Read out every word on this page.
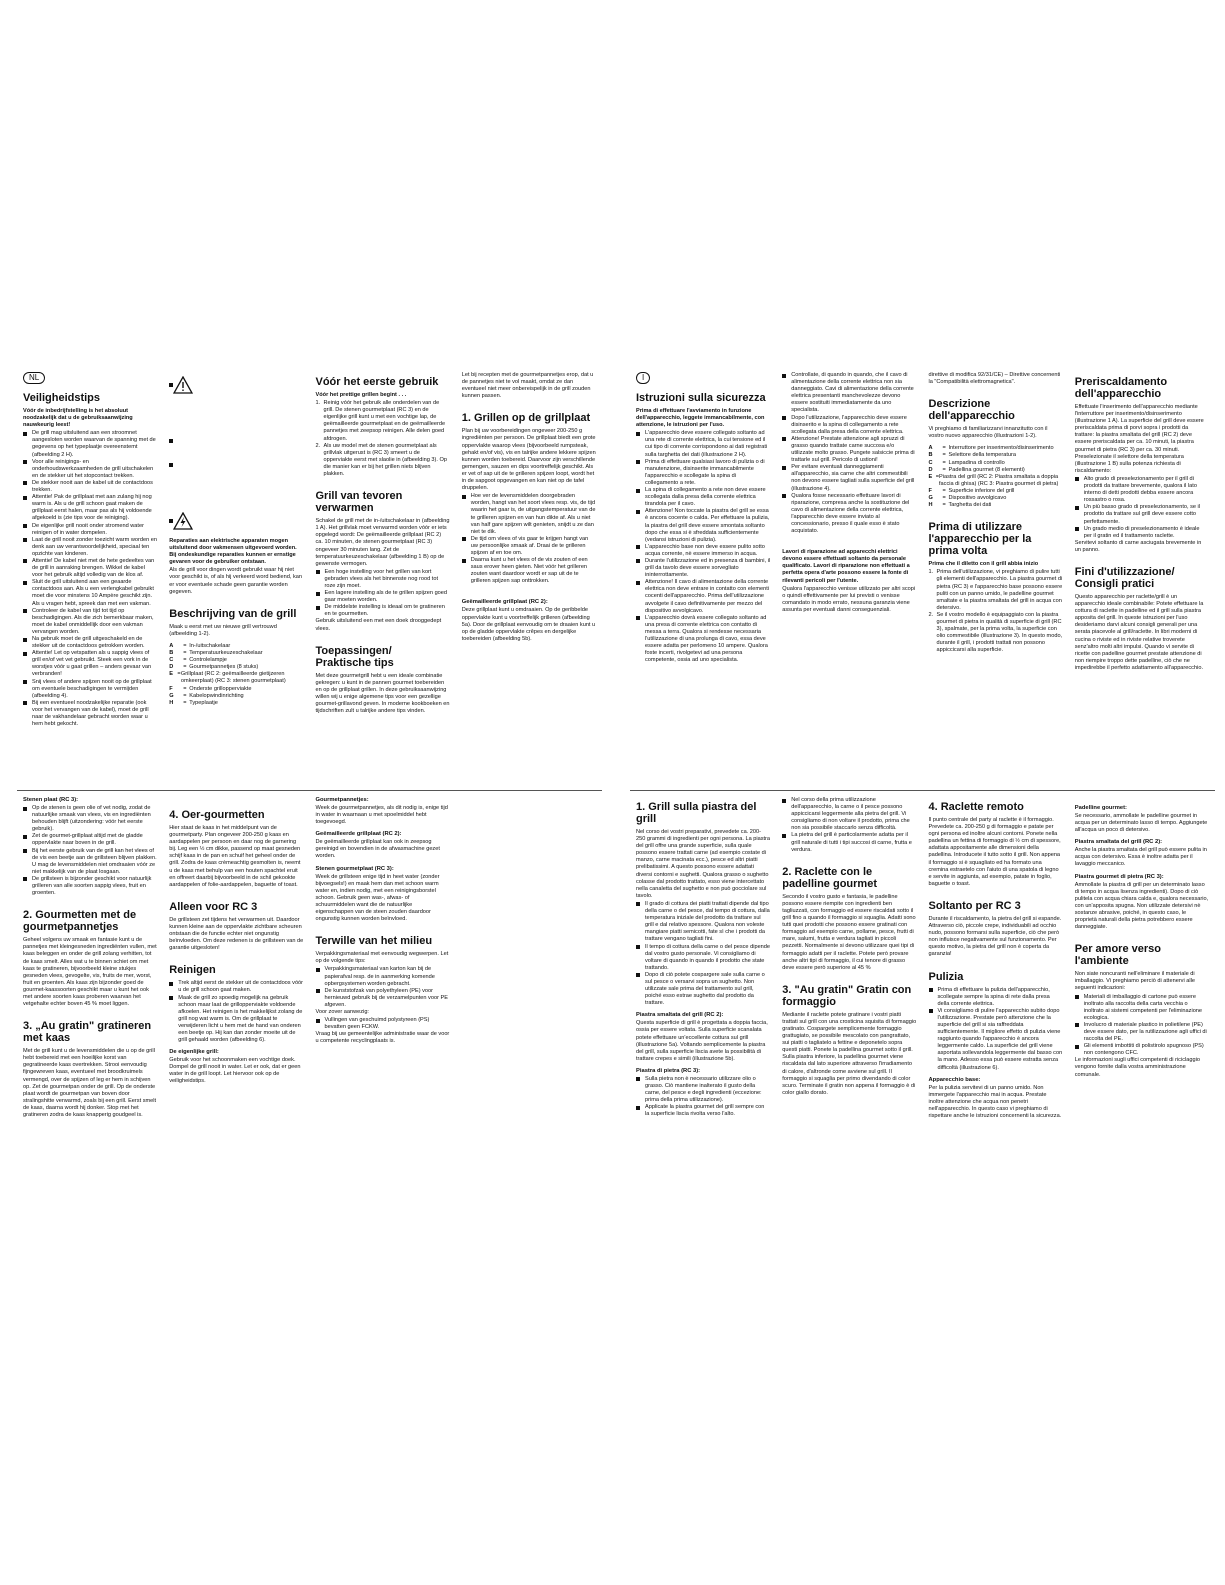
NL
Veiligheidstips

Vóór de inbedrijfstelling is het absoluut noodzakelijk dat u de gebruiksaanwijzing nauwkeurig leest!

De grill mag uitsluitend aan een stroomnet aangesloten worden waarvan de spanning met de gegevens op het typeplaatje overeenstemt (afbeelding 2 H).
Voor alle reinigings- en onderhoudswerkzaamheden de grill uitschakelen en de stekker uit het stopcontact trekken.
De stekker nooit aan de kabel uit de contactdoos trekken.
Attentie! Pak de grillplaat met aan zulang hij nog warm is. Als u de grill schoon gaat maken de grillplaat eerst halen, maar pas als hij voldoende afgekoeld is (zie tips voor de reiniging).
De eigenlijke grill nooit onder stromend water reinigen of in water dompelen.
Laat de grill nooit zonder toezicht warm worden en denk aan uw verantwoordelijkheid, speciaal ten opzichte van kinderen.
Attentie! De kabel niet met de hete gedeeltes van de grill in aanraking brengen. Wikkel de kabel voor het gebruik altijd volledig van de klos af.
Sluit de grill uitsluitend aan een geaarde contactdoos aan. Als u een verlengkabel gebruikt moet die voor minstens 10 Ampère geschikt zijn. Als u vragen hebt, spreek dan met een vakman.
Controleer de kabel van tijd tot tijd op beschadigingen. Als die zich bemerkbaar maken, moet de kabel onmiddellijk door een vakman vervangen worden.
Na gebruik moet de grill uitgeschakeld en de stekker uit de contactdoos getrokken worden.
Attentie! Let op vetspatten als u sappig vlees of grill en/of vet vet gebruikt. Steek een vork in de worstjes vóór u gaat grillen – anders gevaar van verbranden!
Snij vlees of andere spijzen nooit op de grillplaat om eventuele beschadigingen te vermijden (afbeelding 4).
Bij een eventueel noodzakelijke reparatie (ook voor het vervangen van de kabel), moet de grill naar de vakhandelaar gebracht worden waar u hem hebt gekocht.

Reparaties aan elektrische apparaten mogen uitsluitend door vakmensen uitgevoerd worden. Bij ondeskundige reparaties kunnen er ernstige gevaren voor de gebruiker ontstaan.

Als de grill voor dingen wordt gebruikt waar hij niet voor geschikt is, of als hij verkeerd word bediend, kan er voor eventuele schade geen garantie worden gegeven.

Beschrijving van de grill

Maak u eerst met uw nieuwe grill vertrouwd (afbeelding 1-2).

A	= In-/uitschakelaar
B	= Temperatuurkeuzeschakelaar
C	= Controlelampje
D	= Gourmetpannetjes (8 stuks)
E = Grillplaat (RC 2: geëmailleerde gietijzeren omkeerplaat) (RC 3: stenen gourmetplaat)
F	= Onderste grillopperviakte
G	= Kabelopwindinrichting
H	= Typeplaatje
Vóór het eerste gebruik

Vóór het prettige grillen begint . . .

1. Reinig vóór het gebruik alle onderdelen van de grill. De stenen gourmetplaat (RC 3) en de eigenlijke grill kunt u met een vochtige lap, de geëmailleerde gourmetplaat en de geëmailleerde pannetjes met zeepsop reinigen. Alle delen goed afdrogen.
2. Als uw model met de stenen gourmetplaat als grillvlak uitgerust is (RC 3) smeert u de opperviakte eerst met slaolie in (afbeelding 3). Op die manier kan er bij het grillen niets blijven plakken.
Grill van tevoren verwarmen

Schakel de grill met de in-/uitschakelaar in (afbeelding 1 A). Het grillvlak moet verwarmd worden vóór er iets opgelegd wordt: De geëmailleerde grillplaat (RC 2) ca. 10 minuten, de stenen gourmetplaat (RC 3) ongeveer 30 minuten lang. Zet de temperatuurkeuzeschakelaar (afbeelding 1 B) op de gewenste vermogen.

Een hoge instelling voor het grillen van kort gebraden vlees als het binnenste nog rood tot roze zijn moet.
Een lagere instelling als de te grillen spijzen goed gaar moeten worden.
De middelste instelling is ideaal om te gratineren en te gourmetten.

Gebruik uitsluitend een met een doek drooggedept vlees.

Toepassingen/ Praktische tips

Met deze gourmetgrill hebt u een ideale combinatie gekregen: u kunt in de pannen gourmet toebereiden en op de grillplaat grillen. In deze gebruiksaanwijzing willen wij u enige algemene tips voor een gezellige gourmet-grillavond geven. In moderne kookboeken en tijdschriften zult u talrijke andere tips vinden.

Let bij recepten met de gourmetpannetjes erop, dat u de pannetjes niet te vol maakt, omdat ze dan eventueel niet meer onbereispelijk in de grill zouden kunnen passen.

1. Grillen op de grillplaat

Plan bij uw voorbereidingen ongeveer 200-250 g ingrediënten per persoon. De grillplaat biedt een grote oppervlakte waarop vlees (bijvoorbeeld rumpsteak, gehakt en/of vis), vis en talrijke andere lekkere spijzen kunnen worden toebereid. Daarvoor zijn verschillende gemengen, sauzen en dips voortreffelijk geschikt. Als er vet of sap uit de te grilleren spijzen loopt, wordt het in de sapgoot opgevangen en kan niet op de tafel druppelen.

Hoe ver de levensmiddelen doorgebraden worden, hangt van het soort vlees resp. vis, de tijd waarin het gaar is, de uitgangstemperatuur van de te grilleren spijzen en van hun dikte af. Als u niet van half gare spijzen wilt genieten, snijdt u ze dan niet te dik.
De tijd om vlees of vis gaar te krijgen hangt van uw persoonlijke smaak af. Draai de te grilleren spijzen af en toe om.
Daarna kunt u het vlees of de vis zouten of een saus erover heen gieten. Niet vóór het grilleren zouten want daardoor wordt er sap uit de te grilleren spijzen sap onttrokken.
Geëmailleerde grillplaat (RC 2):

Deze grillplaat kunt u omdraaien. Op de geribbelde oppervlakte kunt u voortreffelijk grilleren (afbeelding 5a). Door de grillplaat eenvoudig om te draaien kunt u op de gladde oppervlakte crêpes en dergelijke toebereiden (afbeelding 5b).

Stenen plaat (RC 3):
Op de stenen is geen olie of vet nodig, zodat de natuurlijke smaak van vlees, vis en ingrediënten behouden blijft (uitzondering: vóór het eerste gebruik).
Zet de gourmet-grillplaat altijd met de gladde oppervlakte naar boven in de grill.
Bij het eerste gebruik van de grill kan het vlees of de vis een beetje aan de grillsteen blijven plakken. U mag de levensmiddelen niet omdraaien vóór ze niet makkelijk van de plaat losgaan.
De grillsteen is bijzonder geschikt voor natuurlijk grilleren van alle soorten sappig vlees, fruit en groenten.
2. Gourmetten met de gourmetpannetjes

Geheel volgens uw smaak en fantasie kunt u de pannetjes met kleingesneden ingrediënten vullen, met kaas beleggen en onder de grill zolang verhitten, tot de kaas smelt. Alles wat u te binnen schiet om met kaas te gratineren, bijvoorbeeld kleine stukjes gesneden vlees, gevogelte, vis, fruits de mer, worst, fruit en groenten. Als kaas zijn bijzonder goed de gourmet-kaassoorten geschikt maar u kunt het ook met andere soorten kaas proberen waarvan het vetgehalte echter boven 45 % moet liggen.

3. „Au gratin" gratineren met kaas

Met de grill kunt u de levensmiddelen die u op de grill hebt toebereid met een hoeilijke korst van gegratineerde kaas overtrekken. Strooi eenvoudig fijngewreven kaas, eventueel met broodkruimels vermengd, over de spijzen of leg er hem in schijven op. Zet de gourmetpan onder de grill. Op de onderste plaat wordt de gourmetpan van boven door stralingshitte verwarmd, zoals bij een grill. Eerst smelt de kaas, daarna wordt hij donker. Stop met het gratineren zodra de kaas knapperig goudgeel is.

4. Oer-gourmetten

Hier staat de kaas in het middelpunt van de gourmetparty. Plan ongeveer 200-250 g kaas en aardappelen per persoon en daar nog de garnering bij. Leg een ½ cm dikke, passend op maat gesneden schijf kaas in de pan en schuif het geheel onder de grill. Zodra de kaas crèmeachtig gesmolten is, neemt u de kaas met behulp van een houten spachtel eruit en offreert daarbij bijvoorbeeld in de schil gekookte aardappelen of folie-aardappelen, baguette of toast.

Alleen voor RC 3

De grillsteen zet tijdens het verwarmen uit. Daardoor kunnen kleine aan de oppervlakte zichtbare scheuren ontstaan die de functie echter niet ongunstig beïnvloeden. Om deze redenen is de grillsteen van de garantie uitgesloten!

Reinigen
Trek altijd eerst de stekker uit de contactdoos vóór u de grill schoon gaat maken.
Maak de grill zo spoedig mogelijk na gebruik schoon maar laat de grillopperviakte voldoende afkoelen. Het reinigen is het makkelijkst zolang de grill nog wat warm is. Om de grillplaat te verwijderen licht u hem met de hand van onderen een beetje op. Hij kan dan zonder moeite uit de grill gehaald worden (afbeelding 6).
De eigenlijke grill:

Gebruik voor het schoonmaken een vochtige doek. Dompel de grill nooit in water. Let er ook, dat er geen water in de grill loopt. Let hiervoor ook op de veiligheidstips.

Gourmetpannetjes:

Week de gourmetpannetjes, als dit nodig is, enige tijd in water in waarnaan u met spoelmiddel hebt toegevoegd.

Geëmailleerde grillplaat (RC 2):

De geëmailleerde grillplaat kan ook in zeepsog gereinigd en bovendien in de afwasmachine gezet worden.

Stenen gourmetplaat (RC 3):

Week de grillsteen enige tijd in heet water (zonder bijvoegsels!) en maak hem dan met schoon warm water en, indien nodig, met een reinigingsborstel schoon. Gebruik geen was-, afwas- of schuurmiddelen want die de natuurlijke eigenschappen van de steen zouden daardoor ongunstig kunnen worden beïnvloed.

Terwille van het milieu

Verpakkingsmateriaal met eenvoudig wegwerpen. Let op de volgende tips:

Verpakkingsmateriaal van karton kan bij de papierafval resp. de in aanmerking komende opbergsystemen worden gebracht.
De kunststofzak van polyethyleen (PE) voor hernieuwd gebruik bij de verzamelpunten voor PE afgeven.

Voor zover aanwezig:

Vullingen van geschuimd polystyreen (PS) bevatten geen FCKW.

Vraag bij uw gemeentelijke administratie waar de voor u competente recyclingplaats is.

I
Istruzioni sulla sicurezza

Prima di effettuare l'avviamento in funzione dell'apparecchio, leggete immancabilmente, con attenzione, le istruzioni per l'uso.

L'apparecchio deve essere collegato soltanto ad una rete di corrente elettrica, la cui tensione ed il cui tipo di corrente corrispondono ai dati registrati sulla targhetta dei dati (illustrazione 2 H).
Prima di effettuare qualsiasi lavoro di pulizia o di manutenzione, disinserite immancabilmente l'apparecchio e scollegate la spina di collegamento a rete.
La spina di collegamento a rete non deve essere scollegata dalla presa della corrente elettrica tirandola per il cavo.
Attenzione! Non toccate la piastra del grill se essa è ancora cocente o calda. Per effettuare la pulizia, la piastra del grill deve essere smontata soltanto dopo che essa si è sfreddata sufficientemente (vedansi istruzioni di pulizia).
L'apparecchio base non deve essere pulito sotto acqua corrente, nè essere immerso in acqua.
Durante l'utilizzazione ed in presenza di bambini, il grill da tavolo deve essere sorvegliato ininterrottamente.
Attenzione! Il cavo di alimentazione della corrente elettrica non deve entrare in contatto con elementi cocenti dell'apparecchio. Prima dell'utilizzazione avvolgete il cavo definitivamente per mezzo del dispositivo avvolgicavo.
L'apparecchio dovrà essere collegato soltanto ad una presa di corrente elettrica con contatto di messa a terra. Qualora si rendesse necessaria l'utilizzazione di una prolunga di cavo, essa deve essere adatta per perlomeno 10 ampere. Qualora foste incerti, rivolgetevi ad una persona competente, ossia ad uno specialista.
Controllate, di quando in quando, che il cavo di alimentazione della corrente elettrica non sia danneggiato. Cavi di alimentazione della corrente elettrica presentanti manchevolezze devono essere sostituiti immediatamente da uno specialista.
Dopo l'utilizzazione, l'apparecchio deve essere disinserito e la spina di collegamento a rete scollegata dalla presa della corrente elettrica.
Attenzione! Prestate attenzione agli spruzzi di grasso quando trattate carne succosa e/o utilizzate molto grasso. Pungete salsiccie prima di trattarle sul grill. Pericolo di ustioni!
Per evitare eventuali danneggiamenti all'apparecchio, sia carne che altri commestibili non devono essere tagliati sulla superficie del grill (illustrazione 4).
Qualora fosse necessario effettuare lavori di riparazione, compresa anche la sostituzione del cavo di alimentazione della corrente elettrica, l'apparecchio deve essere inviato al concessionario, presso il quale esso è stato acquistato.

Lavori di riparazione ad apparecchi elettrici devono essere effettuati soltanto da personale qualificato. Lavori di riparazione non effettuati a perfetta opera d'arte possono essere la fonte di rilevanti pericoli per l'utente.

Qualora l'apparecchio venisse utilizzato per altri scopi o quindi effettivamente per lui previsti o venisse comandato in modo errato, nessuna garanzia viene assunta per eventuali danni conseguenziali.

direttive di modifica 92/31/CE) – Direttive concernenti la "Compatibilità elettromagnetica".

Descrizione dell'apparecchio

Vi preghiamo di familiarizzarvi innanzitutto con il vostro nuovo apparecchio (illustrazioni 1-2).

A	= Interruttore per inserimento/disinserimento
B	= Selettore della temperatura
C	= Lampadina di controllo
D	= Padellina gourmet (8 elementi)
E = Piastra del grill (RC 2: Piastra smaltata a doppia faccia di ghisa) (RC 3: Piastra gourmet di pietra)
F	= Superficie inferiore del grill
G	= Dispositivo avvolgicavo
H	= Targhetta dei dati
Prima di utilizzare l'apparecchio per la prima volta

Prima che il diletto con il grill abbia inizio

1. Prima dell'utilizzazione, vi preghiamo di pulire tutti gli elementi dell'apparecchio. La piastra gourmet di pietra (RC 3) e l'apparecchio base possono essere puliti con un panno umido, le padelline gourmet smaltate e la piastra smaltata del grill in acqua con detersivo.
2. Se il vostro modello è equipaggiato con la piastra gourmet di pietra in qualità di superficie di grill (RC 3), spalmate, per la prima volta, la superficie con olio commestibile (illustrazione 3). In questo modo, durante il grill, i prodotti trattati non possono appiccicarsi alla superficie.
Preriscaldamento dell'apparecchio

Effettuate l'inserimento dell'apparecchio mediante l'interruttore per inserimento/disinserimento (illustrazione 1 A). La superficie del grill deve essere preriscaldata prima di porvi sopra i prodotti da trattare: la piastra smaltata del grill (RC 2) deve essere preriscaldata per ca. 10 minuti, la piastra gourmet di pietra (RC 3) per ca. 30 minuti. Preselezionate il selettore della temperatura (illustrazione 1 B) sulla potenza richiesta di riscaldamento:

Alto grado di preselezionamento per il grill di prodotti da trattare brevemente, qualora il lato interno di detti prodotti debba essere ancora rossastro o rosa.
Un più basso grado di preselezionamento, se il prodotto da trattare sul grill deve essere cotto perfettamente.
Un grado medio di preselezionamento è ideale per il gratin ed il trattamento raclette.

Servitevi soltanto di carne asciugata brevemente in un panno.

Fini d'utilizzazione/ Consigli pratici

Questo apparecchio per raclette/grill è un apparecchio ideale combinabile: Potete effettuare la cottura di raclette in padelline ed il grill sulla piastra apposita del grill. In queste istruzioni per l'uso desideriamo darvi alcuni consigli generali per una serata piacevole al grill/raclette. In libri moderni di cucina o riviste ed in riviste relative troverete senz'altro molti altri impulsi. Quando vi servite di ricette con padelline gourmet prestate attenzione di non riempire troppo dette padelline, ciò che ne impedirebbe il perfetto adattamento all'apparecchio.

1. Grill sulla piastra del grill

Nel corso dei vostri preparativi, prevedete ca. 200-250 grammi di ingredienti per ogni persona. La piastra del grill offre una grande superficie, sulla quale possono essere trattati carne (ad esempio costate di manzo, carne macinata ecc.), pesce ed altri piatti prelibatissimi. A questo possono essere adattati diversi contorni e sughetti. Qualora grasso o sughetto colasse dal prodotto trattato, esso viene intercettato nella canaletta del sughetto e non può gocciolare sul tavolo.

Il grado di cottura dei piatti trattati dipende dal tipo della carne o del pesce, dal tempo di cottura, dalla temperatura iniziale del prodotto da trattare sul grill e dal relativo spessore. Qualora non voleste mangiare piatti semicotti, fate sì che i prodotti da trattare vengano tagliati fini.
Il tempo di cottura della carne o del pesce dipende dal vostro gusto personale. Vi consigliamo di voltare di quando in quando il prodotto che state trattando.
Dopo di ciò potete cospargere sale sulla carne o sul pesce o versarvi sopra un sughetto. Non utilizzate sale prima del trattamento sul grill, poiché esso estrae sughetto dal prodotto da trattare.
Piastra smaltata del grill (RC 2):

Questa superficie di grill è progettata a doppia faccia, ossia per essere voltata. Sulla superficie scanalata potete effettuare un'eccellente cottura sul grill (illustrazione 5a). Voltando semplicemente la piastra del grill, sulla superficie liscia avete la possibilità di trattare crepes e simili (illustrazione 5b).

Piastra di pietra (RC 3):
Sulla pietra non è necessario utilizzare olio o grasso. Ciò mantiene inalterato il gusto della carne, del pesce e degli ingredienti (eccezione: prima della prima utilizzazione).
Applicate la piastra gourmet del grill sempre con la superficie liscia rivolta verso l'alto.
Nel corso della prima utilizzazione dell'apparecchio, la carne o il pesce possono appiccicarsi leggermente alla pietra del grill. Vi consigliamo di non voltare il prodotto, prima che non sia possibile staccarlo senza difficoltà.
La pietra del grill è particolarmente adatta per il grill naturale di tutti i tipi succosi di carne, frutta e verdura.
2. Raclette con le padelline gourmet

Secondo il vostro gusto e fantasia, le padelline possono essere riempite con ingredienti ben tagliuzzati, con formaggio ed essere riscaldati sotto il grill fino a quando il formaggio si squaglia. Adatti sono tutti quei prodotti che possono essere gratinati con formaggio ad esempio carne, pollame, pesce, frutti di mare, salumi, frutta e verdura tagliati in piccoli pezzetti. Normalmente si devono utilizzare quei tipi di formaggio adatti per il raclette. Potete però provare anche altri tipi di formaggio, il cui tenore di grasso deve essere però superiore al 45 %

3. "Au gratin" Gratin con formaggio

Mediante il raclette potete gratinare i vostri piatti trattati sul grill con una crosticina squisita di formaggio gratinato. Cospargete semplicemente formaggio grattugiato, se possibile mescolato con pangrattato, sui piatti o tagliatelo a fettine e deponetelo sopra questi piatti. Ponete la padellina gourmet sotto il grill. Sulla piastra inferiore, la padellina gourmet viene riscaldata dal lato superiore attraverso l'irradiamento di calore, d'altronde come avviene sul grill. Il formaggio si squaglia per primo divendando di color scuro. Terminate il gratin non appena il formaggio è di color giallo dorato.

4. Raclette remoto

Il punto centrale del party al raclette è il formaggio. Prevedete ca. 200-250 g di formaggio e patate per ogni persona ed inoltre alcuni contorni. Ponete nella padellina un fettina di formaggio di ½ cm di spessore, adattata appositamente alle dimensioni della padellina. Introducete il tutto sotto il grill. Non appena il formaggio si è squagliato ed ha formato una cremina estraetelo con l'aiuto di una spatola di legno e servite in aggiunta, ad esempio, patate in foglio, baguette o toast.

Soltanto per RC 3

Durante il riscaldamento, la pietra del grill si espande. Attraverso ciò, piccole crepe, individuabili ad occhio nudo, possono formarsi sulla superficie, ciò che però non influisce negativamente sul funzionamento. Per questo motivo, la pietra del grill non è coperta da garanzia!

Pulizia
Prima di effettuare la pulizia dell'apparecchio, scollegate sempre la spina di rete dalla presa della corrente elettrica.
Vi consigliamo di pulire l'apparecchio subito dopo l'utilizzazione. Prestate però attenzione che la superficie del grill si sia raffreddata sufficientemente. Il migliore effetto di pulizia viene raggiunto quando l'apparecchio è ancora leggermente caldo. La superficie del grill viene asportata sollevandola leggermente dal basso con la mano. Adesso essa può essere estratta senza difficoltà (illustrazione 6).
Apparecchio base:

Per la pulizia servitevi di un panno umido. Non immergete l'apparecchio mai in acqua. Prestate inoltre attenzione che acqua non penetri nell'apparecchio. In questo caso vi preghiamo di rispettare anche le istruzioni concernenti la sicurezza.

Padelline gourmet:

Se necessario, ammollate le padelline gourmet in acqua per un determinato lasso di tempo. Aggiungete all'acqua un poco di detersivo.

Piastra smaltata del grill (RC 2):

Anche la piastra smaltata del grill può essere pulita in acqua con detersivo. Essa è inoltre adatta per il lavaggio meccanico.

Piastra gourmet di pietra (RC 3):

Ammollate la piastra di grill per un determinato lasso di tempo in acqua lisenza ingredienti). Dopo di ciò pulitela con acqua chiara calda e, qualora necessario, con un'apposita spugna. Non utilizzate detersivi nè sostanze abrasive, poiché, in questo caso, le proprietà naturali della pietra potrebbero essere danneggiate.

Per amore verso l'ambiente

Non siate noncuranti nell'eliminare il materiale di imballaggio. Vi preghiamo perciò di attenervi alle seguenti indicazioni:

Materiali di imballaggio di cartone può essere inoltrato alla raccolta della carta vecchia o inoltrato ai sistemi competenti per l'eliminazione ecologica.
Involucro di materiale plastico in polietilene (PE) deve essere dato, per la rutilizzazione agli uffici di raccolta del PE.
Gli elementi imbottiti di polistirolo spugnoso (PS) non contengono CFC.

Le informazioni sugli uffici competenti di riciclaggio vengono fornite dalla vostra amministrazione comunale.
